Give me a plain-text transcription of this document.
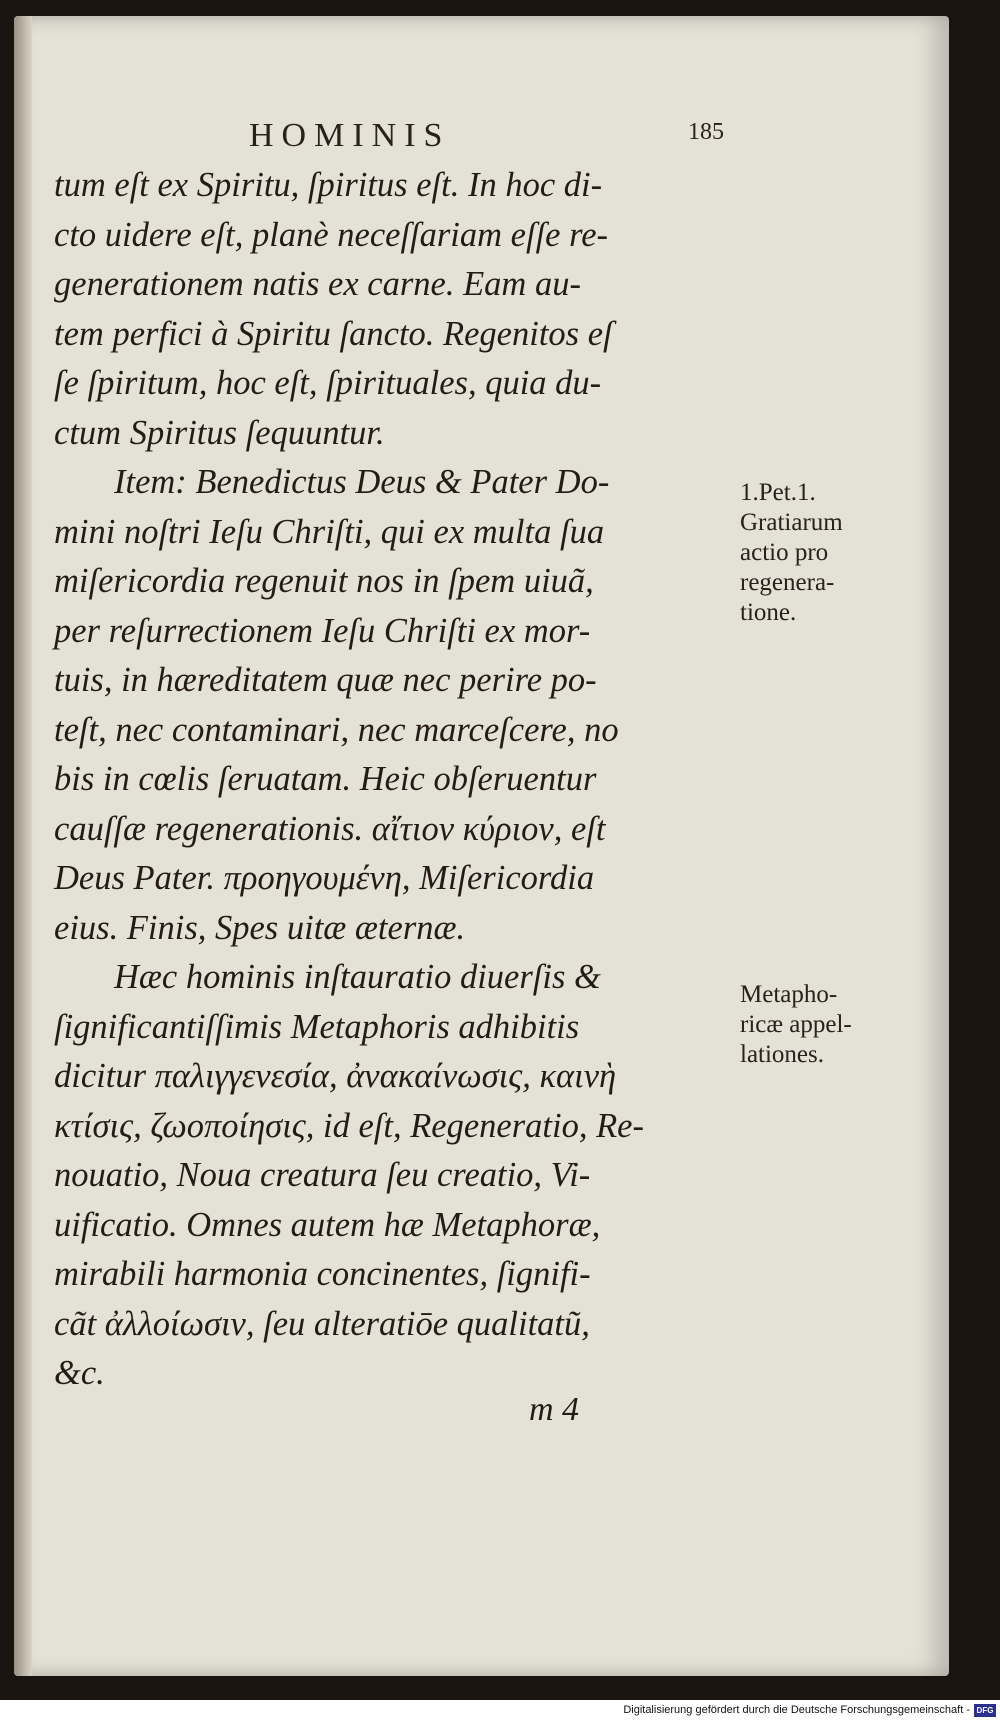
HOMINIS	185
tum eſt ex Spiritu, ſpiritus eſt. In hoc di-
cto uidere eſt, planè neceſſariam eſſe re-
generationem natis ex carne. Eam au-
tem perfici à Spiritu ſancto. Regenitos eſ
ſe ſpiritum, hoc eſt, ſpirituales, quia du-
ctum Spiritus ſequuntur.
Item: Benedictus Deus & Pater Do-
mini noſtri Ieſu Chriſti, qui ex multa ſua
miſericordia regenuit nos in ſpem uiuã,
per reſurrectionem Ieſu Chriſti ex mor-
tuis, in hæreditatem quæ nec perire po-
teſt, nec contaminari, nec marceſcere, no
bis in cœlis ſeruatam. Heic obſeruentur
cauſſæ regenerationis. αἴτιον κύριον, eſt
Deus Pater. προηγουμένη, Miſericordia
eius. Finis, Spes uitæ æternæ.
Hæc hominis inſtauratio diuerſis &
ſignificantiſſimis Metaphoris adhibitis
dicitur παλιγγενεσία, ἀνακαίνωσις, καινὴ
κτίσις, ζωοποίησις, id eſt, Regeneratio, Re-
nouatio, Noua creatura ſeu creatio, Vi-
uificatio. Omnes autem hæ Metaphoræ,
mirabili harmonia concinentes, ſignifi-
cãt ἀλλοίωσιν, ſeu alteratiōe qualitatũ,
&c.
1.Pet.1.
Gratiarum
actio pro
regenera-
tione.
Metapho-
ricæ appel-
lationes.
m 4
Digitalisierung gefördert durch die Deutsche Forschungsgemeinschaft - DFG
